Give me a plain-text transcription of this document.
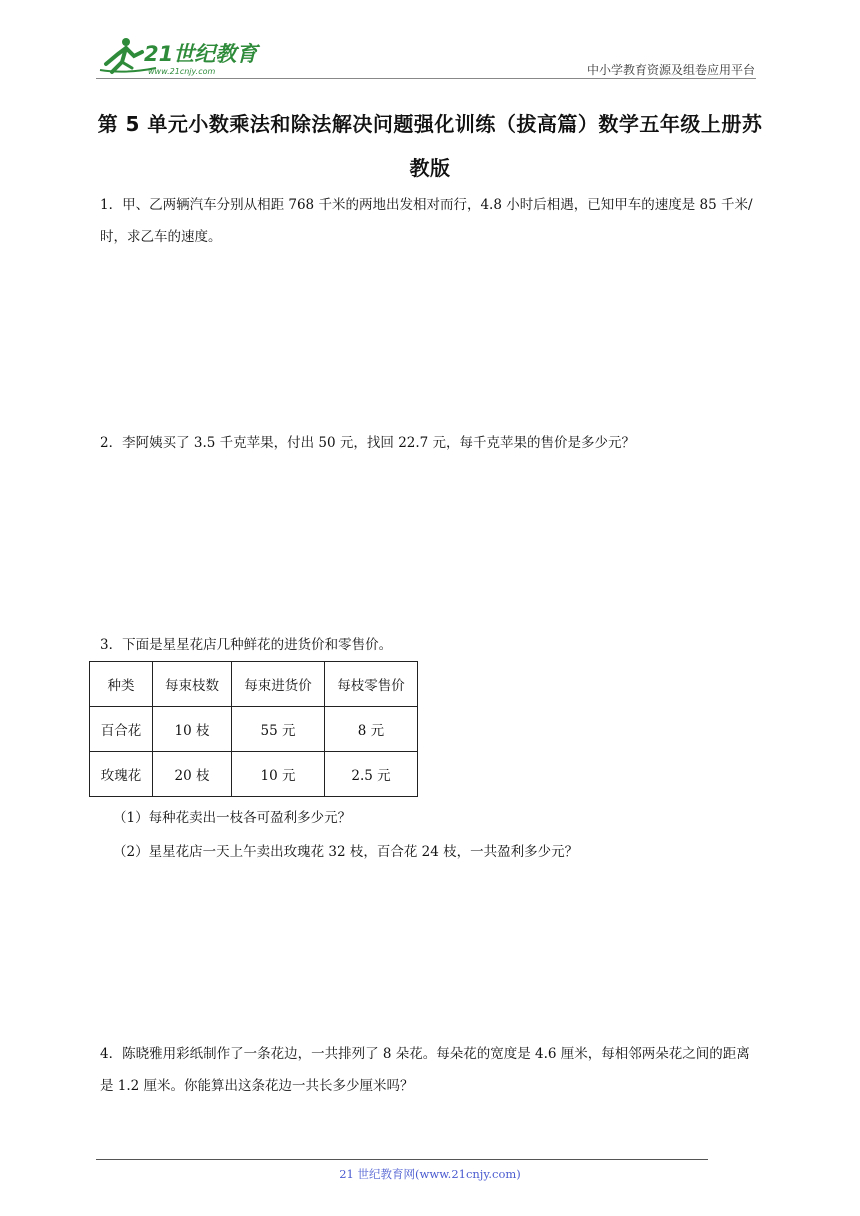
21世纪教育
www.21cnjy.com	中小学教育资源及组卷应用平台
第 5 单元小数乘法和除法解决问题强化训练（拔高篇）数学五年级上册苏教版
1．甲、乙两辆汽车分别从相距 768 千米的两地出发相对而行，4.8 小时后相遇，已知甲车的速度是 85 千米/时，求乙车的速度。
2．李阿姨买了 3.5 千克苹果，付出 50 元，找回 22.7 元，每千克苹果的售价是多少元？
3．下面是星星花店几种鲜花的进货价和零售价。
种类	每束枝数	每束进货价	每枝零售价
百合花	10 枝	55 元	8 元
玫瑰花	20 枝	10 元	2.5 元
（1）每种花卖出一枝各可盈利多少元？
（2）星星花店一天上午卖出玫瑰花 32 枝，百合花 24 枝，一共盈利多少元？
4．陈晓雅用彩纸制作了一条花边，一共排列了 8 朵花。每朵花的宽度是 4.6 厘米，每相邻两朵花之间的距离是 1.2 厘米。你能算出这条花边一共长多少厘米吗？
21 世纪教育网(www.21cnjy.com)
